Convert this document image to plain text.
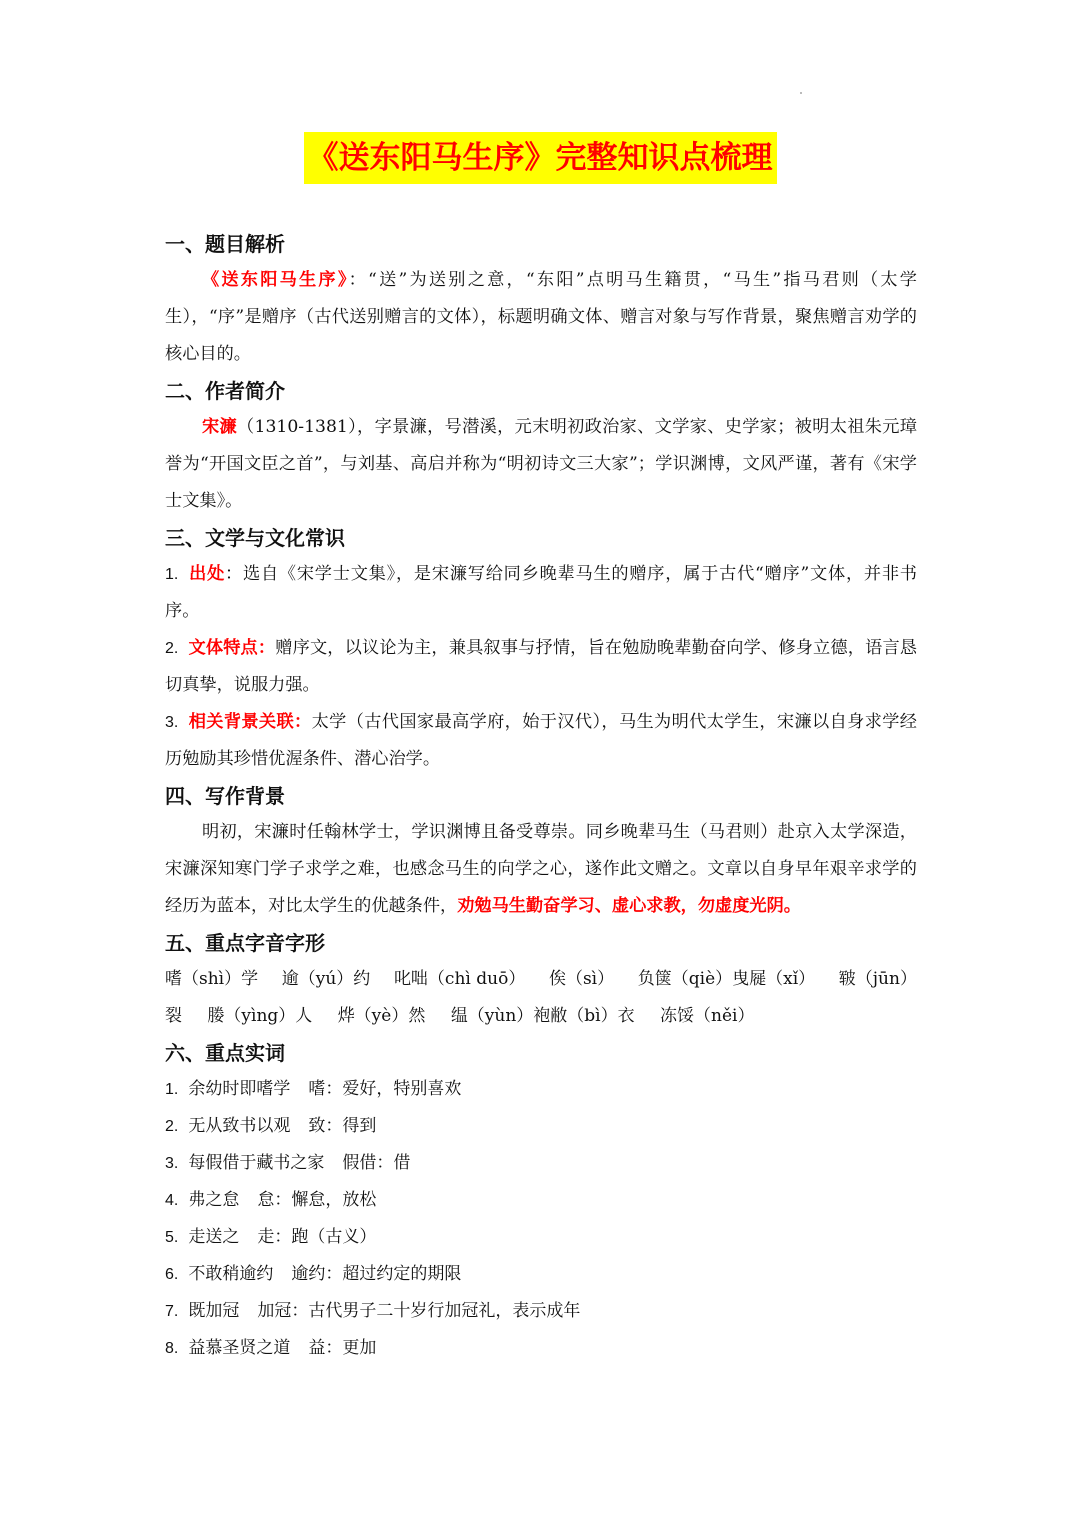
《送东阳马生序》完整知识点梳理
一、题目解析

《送东阳马生序》：“送”为送别之意，“东阳”点明马生籍贯，“马生”指马君则（太学生），“序”是赠序（古代送别赠言的文体），标题明确文体、赠言对象与写作背景，聚焦赠言劝学的核心目的。

二、作者简介

宋濂（1310-1381），字景濂，号潜溪，元末明初政治家、文学家、史学家；被明太祖朱元璋誉为“开国文臣之首”，与刘基、高启并称为“明初诗文三大家”；学识渊博，文风严谨，著有《宋学士文集》。

三、文学与文化常识

1. 出处：选自《宋学士文集》，是宋濂写给同乡晚辈马生的赠序，属于古代“赠序”文体，并非书序。

2. 文体特点：赠序文，以议论为主，兼具叙事与抒情，旨在勉励晚辈勤奋向学、修身立德，语言恳切真挚，说服力强。

3. 相关背景关联：太学（古代国家最高学府，始于汉代），马生为明代太学生，宋濂以自身求学经历勉励其珍惜优渥条件、潜心治学。

四、写作背景

明初，宋濂时任翰林学士，学识渊博且备受尊崇。同乡晚辈马生（马君则）赴京入太学深造，宋濂深知寒门学子求学之难，也感念马生的向学之心，遂作此文赠之。文章以自身早年艰辛求学的经历为蓝本，对比太学生的优越条件，劝勉马生勤奋学习、虚心求教，勿虚度光阴。

五、重点字音字形
嗜（shì）学 逾（yú）约 叱咄（chì duō） 俟（sì） 负箧（qiè）曳屣（xǐ） 皲（jūn）
裂 媵（yìng）人 烨（yè）然 缊（yùn）袍敝（bì）衣 冻馁（něi）
六、重点实词
1. 余幼时即嗜学 嗜：爱好，特别喜欢
2. 无从致书以观 致：得到
3. 每假借于藏书之家 假借：借
4. 弗之怠 怠：懈怠，放松
5. 走送之 走：跑（古义）
6. 不敢稍逾约 逾约：超过约定的期限
7. 既加冠 加冠：古代男子二十岁行加冠礼，表示成年
8. 益慕圣贤之道 益：更加
